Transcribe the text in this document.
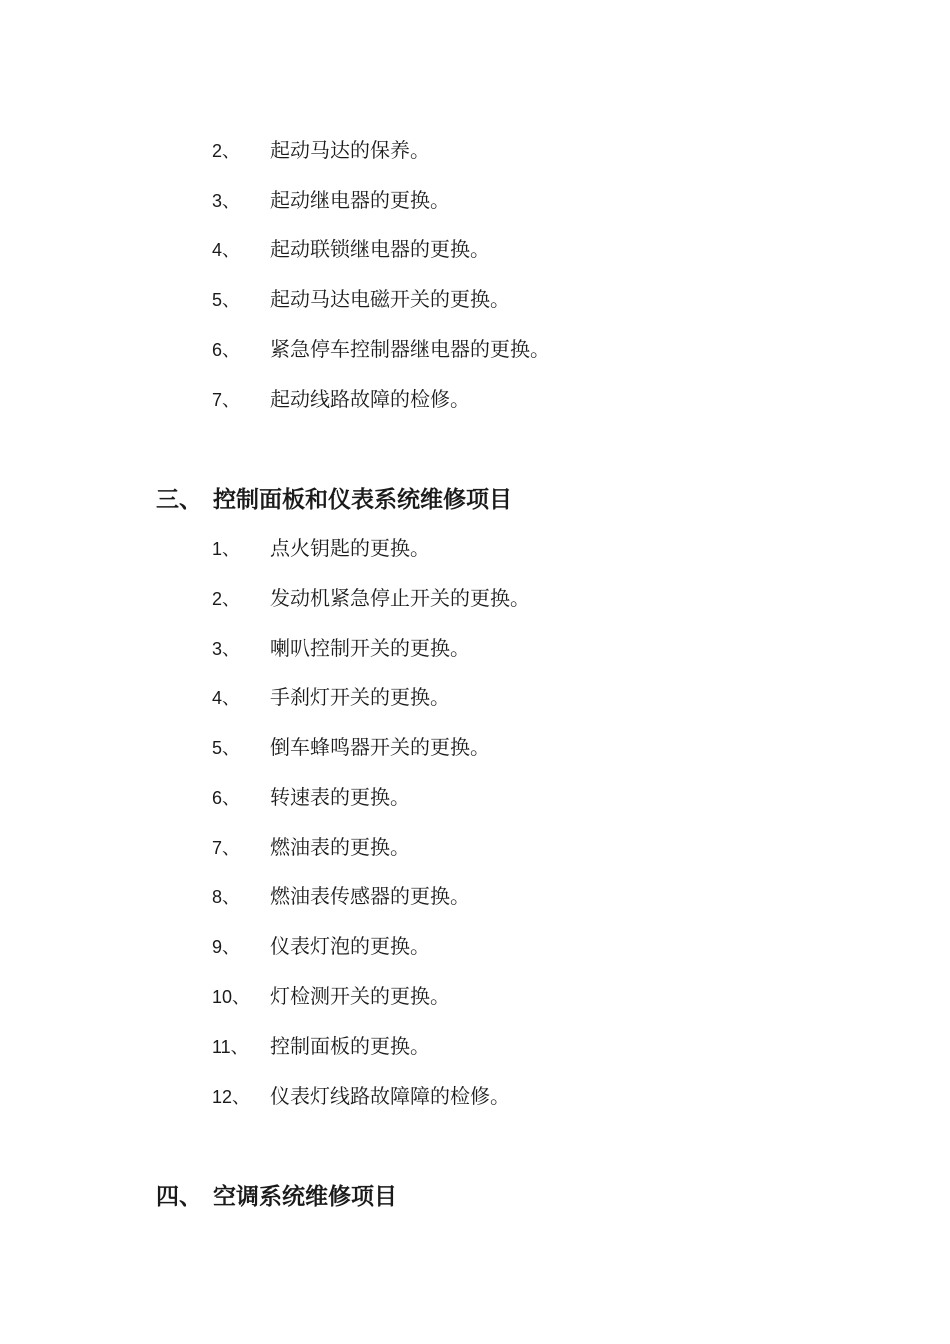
2、 起动马达的保养。
3、 起动继电器的更换。
4、 起动联锁继电器的更换。
5、 起动马达电磁开关的更换。
6、 紧急停车控制器继电器的更换。
7、 起动线路故障的检修。
三、 控制面板和仪表系统维修项目
1、 点火钥匙的更换。
2、 发动机紧急停止开关的更换。
3、 喇叭控制开关的更换。
4、 手刹灯开关的更换。
5、 倒车蜂鸣器开关的更换。
6、 转速表的更换。
7、 燃油表的更换。
8、 燃油表传感器的更换。
9、 仪表灯泡的更换。
10、 灯检测开关的更换。
11、 控制面板的更换。
12、 仪表灯线路故障障的检修。
四、 空调系统维修项目
